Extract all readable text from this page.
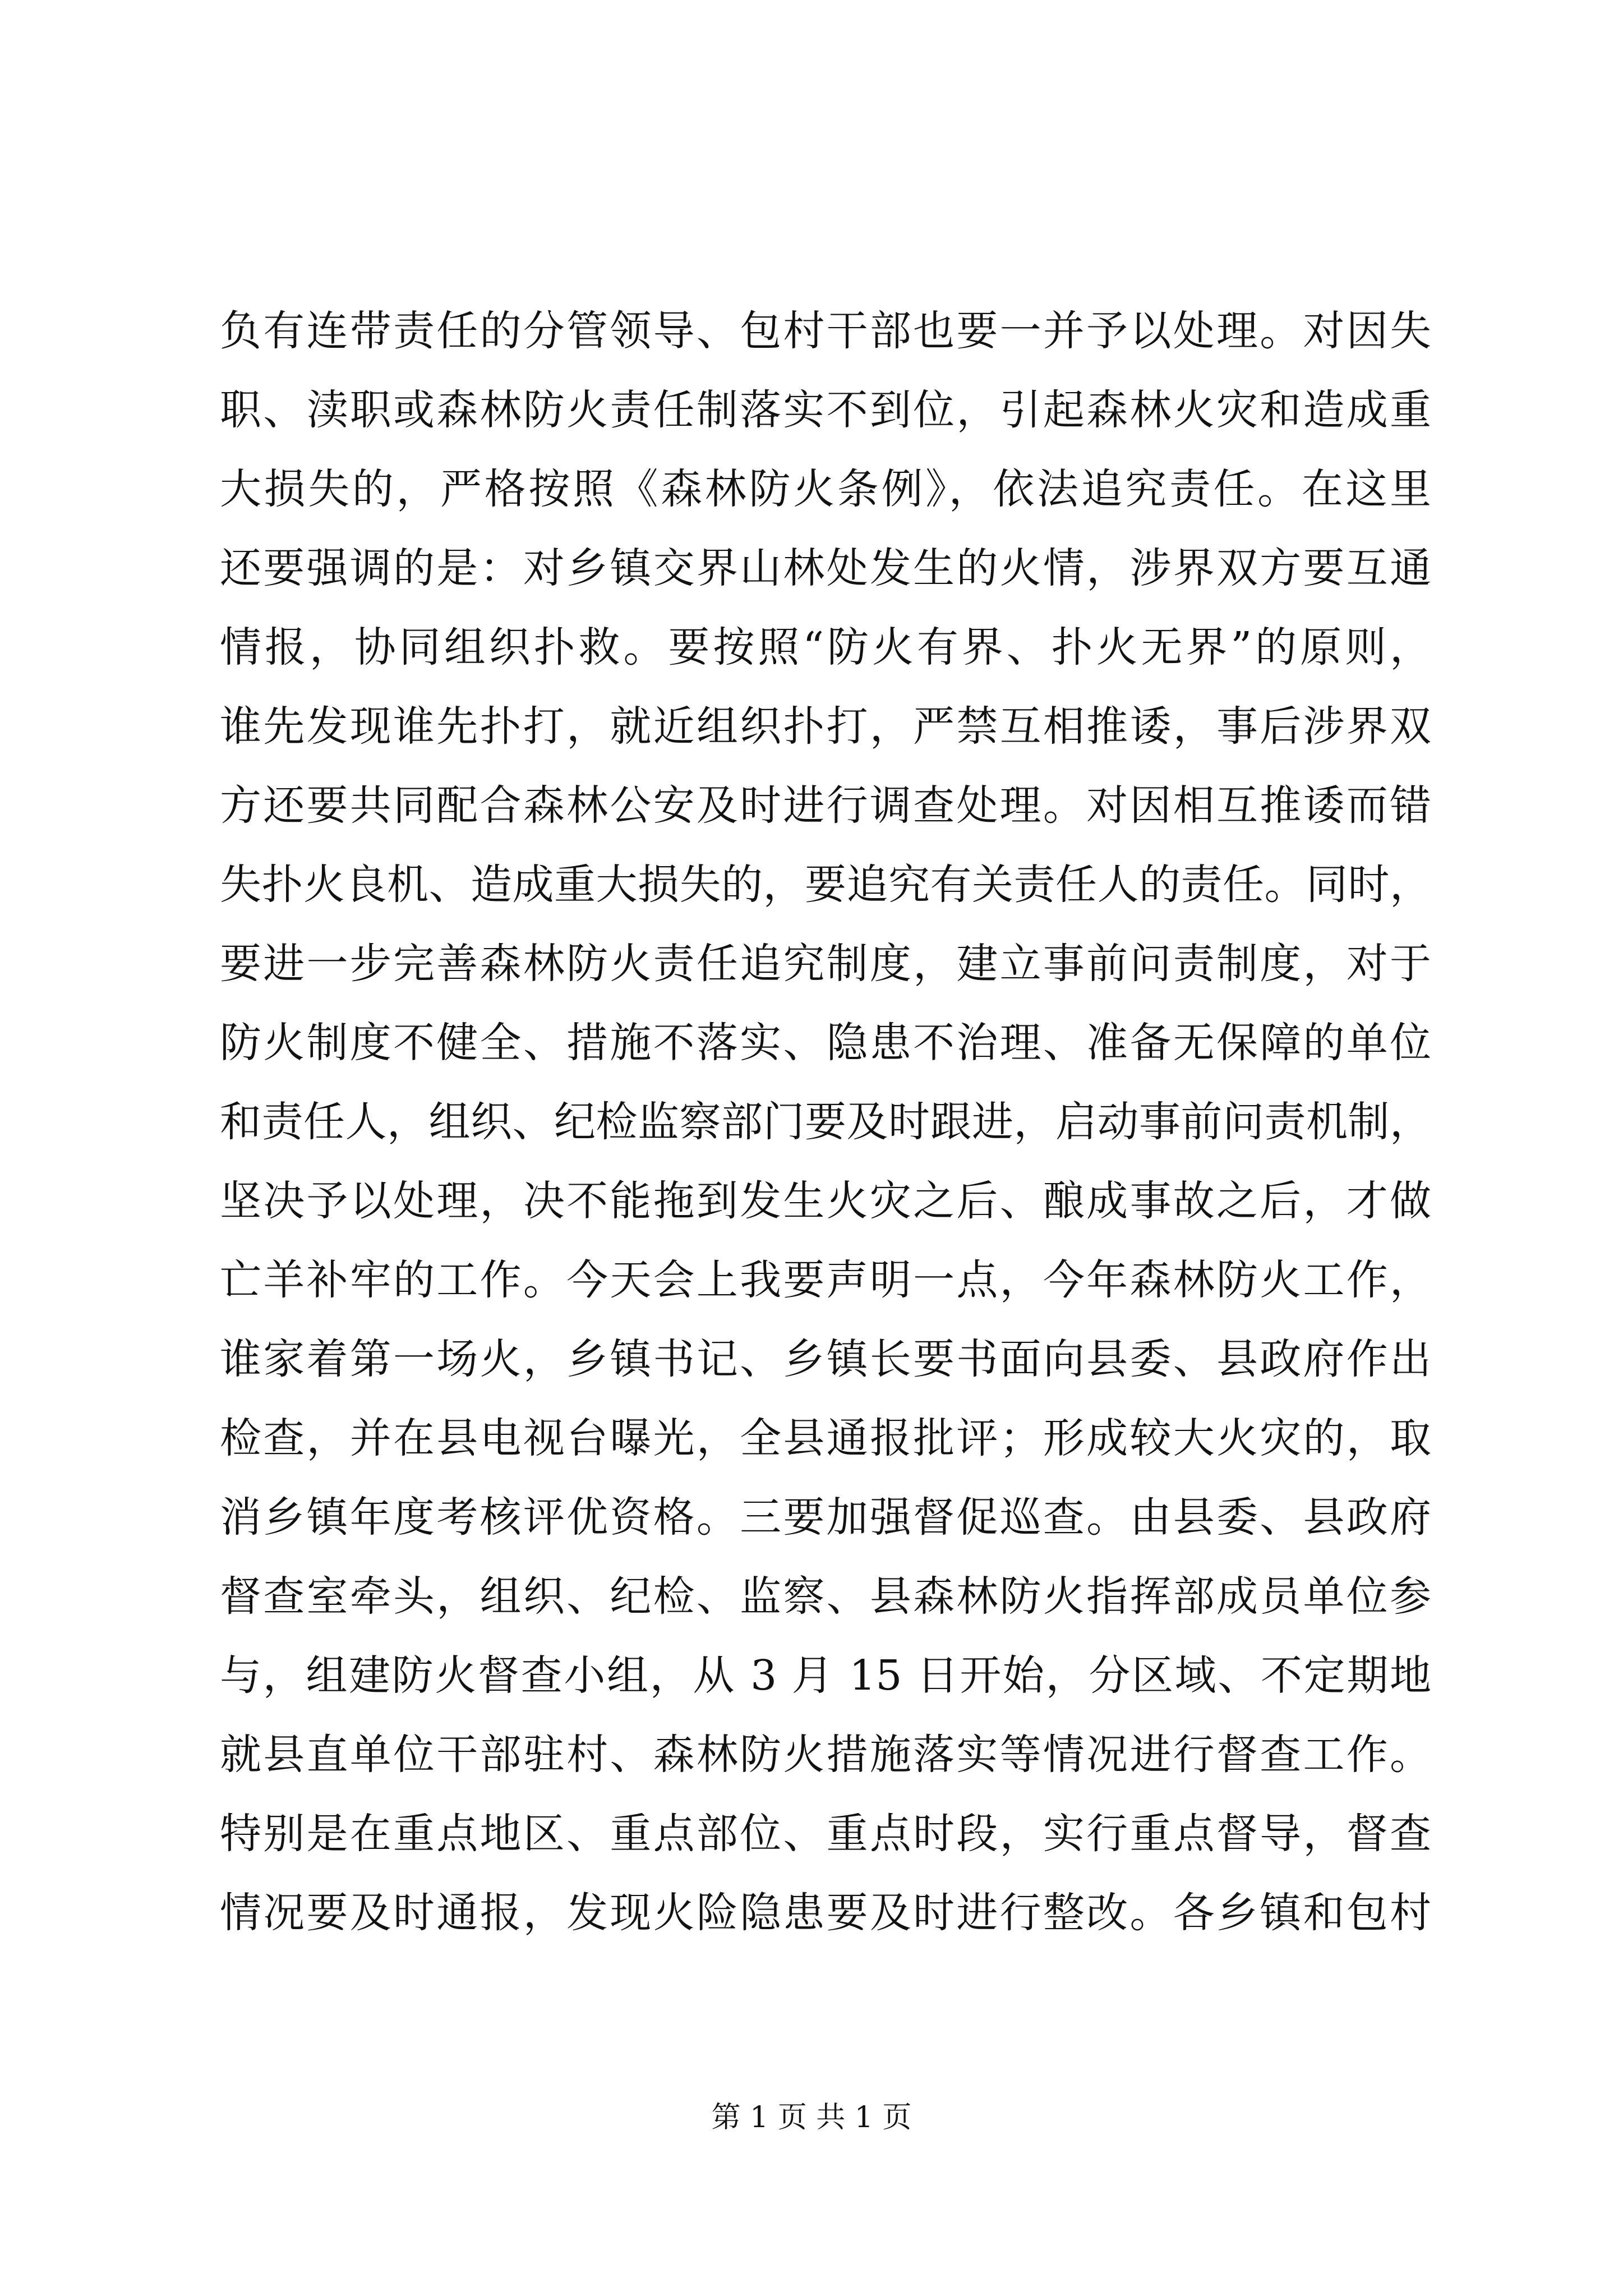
负有连带责任的分管领导、包村干部也要一并予以处理。对因失
职、渎职或森林防火责任制落实不到位，引起森林火灾和造成重
大损失的，严格按照《森林防火条例》，依法追究责任。在这里
还要强调的是：对乡镇交界山林处发生的火情，涉界双方要互通
情报，协同组织扑救。要按照“防火有界、扑火无界”的原则，
谁先发现谁先扑打，就近组织扑打，严禁互相推诿，事后涉界双
方还要共同配合森林公安及时进行调查处理。对因相互推诿而错
失扑火良机、造成重大损失的，要追究有关责任人的责任。同时，
要进一步完善森林防火责任追究制度，建立事前问责制度，对于
防火制度不健全、措施不落实、隐患不治理、准备无保障的单位
和责任人，组织、纪检监察部门要及时跟进，启动事前问责机制，
坚决予以处理，决不能拖到发生火灾之后、酿成事故之后，才做
亡羊补牢的工作。今天会上我要声明一点，今年森林防火工作，
谁家着第一场火，乡镇书记、乡镇长要书面向县委、县政府作出
检查，并在县电视台曝光，全县通报批评；形成较大火灾的，取
消乡镇年度考核评优资格。三要加强督促巡查。由县委、县政府
督查室牵头，组织、纪检、监察、县森林防火指挥部成员单位参
与，组建防火督查小组，从 3 月 15 日开始，分区域、不定期地
就县直单位干部驻村、森林防火措施落实等情况进行督查工作。
特别是在重点地区、重点部位、重点时段，实行重点督导，督查
情况要及时通报，发现火险隐患要及时进行整改。各乡镇和包村
第 1 页 共 1 页
